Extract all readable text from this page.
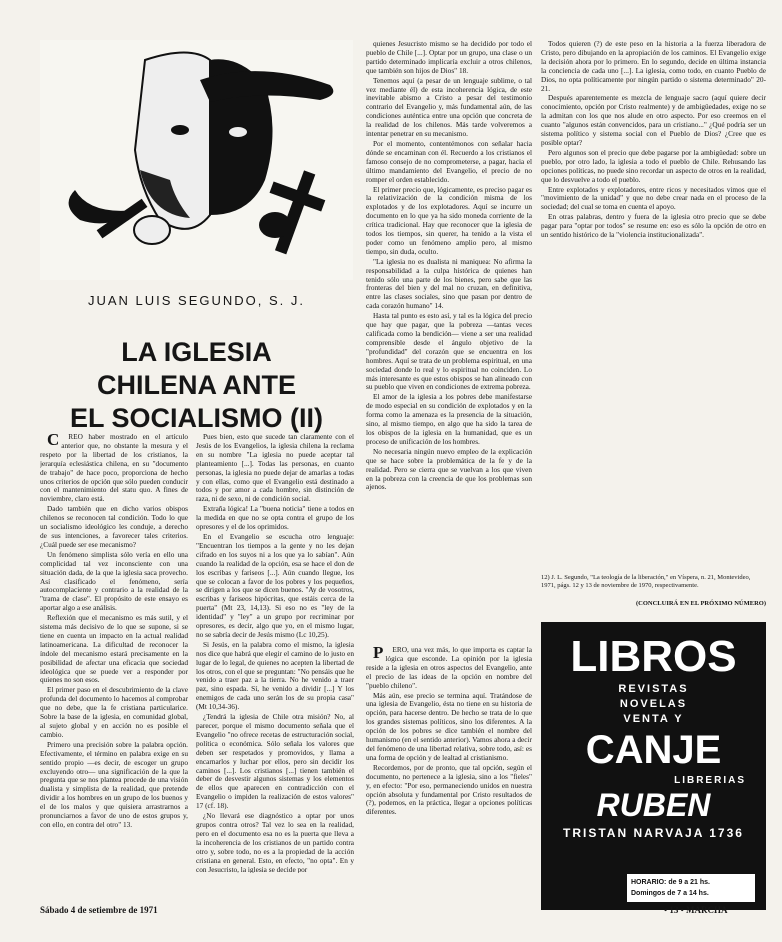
JUAN LUIS SEGUNDO, S. J.
LA IGLESIA
CHILENA ANTE
EL SOCIALISMO (II)

CREO haber mostrado en el artículo anterior que, no obstante la mesura y el respeto por la libertad de los cristianos, la jerarquía eclesiástica chilena, en su "documento de trabajo" de hace poco, proporciona de hecho unos criterios de opción que sólo pueden conducir con el mantenimiento del statu quo. A fines de noviembre, claro está.

Dado también que en dicho varios obispos chilenos se reconocen tal condición. Todo lo que un socialismo ideológico les conduje, a derecho de sus intenciones, a favorecer tales criterios. ¿Cuál puede ser ese mecanismo?

Un fenómeno simplista sólo vería en ello una complicidad tal vez inconsciente con una situación dada, de la que la iglesia saca provecho. Así clasificado el fenómeno, sería autocomplaciente y contrario a la realidad de la "trama de clase". El propósito de este ensayo es aportar algo a ese análisis.

Reflexión que el mecanismo es más sutil, y el sistema más decisivo de lo que se supone, si se tiene en cuenta un impacto en la actual realidad latinoamericana. La dificultad de reconocer la índole del mecanismo estará precisamente en la posibilidad de afectar una eficacia que sociedad ideológica que se puede ver a responder por quienes no son esos.

El primer paso en el descubrimiento de la clave profunda del documento lo hacemos al comprobar que no debe, que la fe cristiana particularice. Sobre la base de la iglesia, en comunidad global, al sujeto global y en acción no es posible el cambio.

Primero una precisión sobre la palabra opción. Efectivamente, el término en palabra exige en su sentido propio —es decir, de escoger un grupo excluyendo otro— una significación de la que la pregunta que se nos plantea procede de una visión dualista y simplista de la realidad, que pretende dividir a los hombres en un grupo de los buenos y el de los malos y que quisiera arrastrarnos a pronunciarnos a favor de uno de estos grupos y, con ello, en contra del otro" 13.

Pues bien, esto que sucede tan claramente con el Jesús de los Evangelios, la iglesia chilena la reclama en su nombre "La iglesia no puede aceptar tal planteamiento [...]. Todas las personas, en cuanto personas, la iglesia no puede dejar de amarlas a todas y con ellas, como que el Evangelio está destinado a todos y por amor a cada hombre, sin distinción de raza, ni de sexo, ni de condición social.

Extraña lógica! La "buena noticia" tiene a todos en la medida en que no se opta contra el grupo de los opresores y el de los oprimidos.

En el Evangelio se escucha otro lenguaje: "Encuentran los tiempos a la gente y no les dejan cifrado en los suyos ni a los que ya lo sabían". Aún cuando la realidad de la opción, esa se hace el don de los escribas y fariseos [...]. Aún cuando llegue, los que se colocan a favor de los pobres y los pequeños, se dirigen a los que se dicen buenos. "Ay de vosotros, escribas y fariseos hipócritas, que estáis cerca de la puerta" (Mt 23, 14,13). Si eso no es "ley de la identidad" y "ley" a un grupo por recriminar por opresores, es decir, algo que yo, en el mismo lugar, no se sabría decir de Jesús mismo (Lc 10,25).

Si Jesús, en la palabra como el mismo, la iglesia nos dice que habrá que elegir el camino de lo justo en lugar de lo legal, de quienes no acepten la libertad de los otros, con el que se preguntan: "No pensáis que he venido a traer paz a la tierra. No he venido a traer paz, sino espada. Sí, he venido a dividir [...] Y los enemigos de cada uno serán los de su propia casa" (Mt 10,34-36).

¿Tendrá la iglesia de Chile otra misión? No, al parecer, porque el mismo documento señala que el Evangelio "no ofrece recetas de estructuración social, política o económica. Sólo señala los valores que deben ser respetados y promovidos, y llama a encarnarlos y luchar por ellos, pero sin decidir los caminos [...]. Los cristianos [...] tienen también el deber de desvestir algunos sistemas y los elementos de ellos que aparecen en contradicción con el Evangelio o impiden la realización de estos valores" 17 (cf. 18).

¿No llevará ese diagnóstico a optar por unos grupos contra otros? Tal vez lo sea en la realidad, pero en el documento esa no es la puerta que lleva a la incoherencia de los cristianos de un partido contra otro y, sobre todo, no es a la propiedad de la acción cristiana en general. Esto, en efecto, "no opta". En y con Jesucristo, la iglesia se decide por

quienes Jesucristo mismo se ha decidido por todo el pueblo de Chile [...]. Optar por un grupo, una clase o un partido determinado implicaría excluir a otros chilenos, que también son hijos de Dios" 18.

Tenemos aquí (a pesar de un lenguaje sublime, o tal vez mediante él) de esta incoherencia lógica, de este inevitable abismo a Cristo a pesar del testimonio contrario del Evangelio y, más fundamental aún, de las condiciones auténtica entre una opción que concreta de la realidad de los chilenos. Más tarde volveremos a intentar penetrar en su mecanismo.

Por el momento, contentémonos con señalar hacia dónde se encaminan con él. Recuerdo a los cristianos el famoso consejo de no comprometerse, a pagar, hacia el último mandamiento del Evangelio, el precio de no romper el orden establecido.

El primer precio que, lógicamente, es preciso pagar es la relativización de la condición misma de los explotados y de los explotadores. Aquí se incurre un documento en lo que ya ha sido moneda corriente de la crítica tradicional. Hay que reconocer que la iglesia de todos los tiempos, sin querer, ha tenido a la vista el poder como un fenómeno amplio pero, al mismo tiempo, sin duda, oculto.

"La iglesia no es dualista ni maniquea: No afirma la responsabilidad a la culpa histórica de quienes han tenido sólo una parte de los bienes, pero sabe que las fronteras del bien y del mal no cruzan, en definitiva, entre las clases sociales, sino que pasan por dentro de cada corazón humano" 14.

Hasta tal punto es esto así, y tal es la lógica del precio que hay que pagar, que la pobreza —tantas veces calificada como la bendición— viene a ser una realidad comprensible desde el ángulo objetivo de la "profundidad" del corazón que se encuentra en los hombres. Aquí se trata de un problema espiritual, en una sociedad donde lo real y lo espiritual no coinciden. Lo más interesante es que estos obispos se han alineado con su pueblo que viven en condiciones de extrema pobreza.

El amor de la iglesia a los pobres debe manifestarse de modo especial en su condición de explotados y en la forma como la amenaza es la presencia de la situación, sino, al mismo tiempo, en algo que ha sido la tarea de los obispos de la iglesia en la humanidad, que es un proceso de unificación de los hombres.

No necesaria ningún nuevo empleo de la explicación que se hace sobre la problemática de la fe y de la realidad. Pero se cierra que se vuelvan a los que viven en la pobreza con la creencia de que los problemas son ajenos.

PERO, una vez más, lo que importa es captar la lógica que esconde. La opinión por la iglesia reside a la iglesia en otros aspectos del Evangelio, ante el precio de las ideas de la opción en nombre del "pueblo chileno".

Más aún, ese precio se termina aquí. Tratándose de una iglesia de Evangelio, ésta no tiene en su historia de opción, para hacerse dentro. De hecho se trata de lo que los grandes sistemas políticos, sino los diferentes. A la opción de los pobres se dice también el nombre del humanismo (en el sentido anterior). Vamos ahora a decir del fenómeno de una libertad relativa, sobre todo, así: es una forma de opción y de lealtad al cristianismo.

Recordemos, por de pronto, que tal opción, según el documento, no pertenece a la iglesia, sino a los "fieles" y, en efecto: "Por eso, permaneciendo unidos en nuestra opción absoluta y fundamental por Cristo resultados de (?), podemos, en la práctica, llegar a opciones políticas diferentes.

Todos quieren (?) de este peso en la historia a la fuerza liberadora de Cristo, pero dibujando en la apropiación de los caminos. El Evangelio exige la decisión ahora por lo primero. En lo segundo, decide en última instancia la conciencia de cada uno [...]. La iglesia, como todo, en cuanto Pueblo de Dios, no opta políticamente por ningún partido o sistema determinado" 20-21.

Después aparentemente es mezcla de lenguaje sacro (aquí quiere decir conocimiento, opción por Cristo realmente) y de ambigüedades, exige no se la admitan con los que nos alude en otro aspecto. Por eso creemos en el cuanto "algunos están convencidos, para un cristiano..." ¿Qué podría ser un sistema político y sistema social con el Pueblo de Dios? ¿Cree que es posible optar?

Pero algunos son el precio que debe pagarse por la ambigüedad: sobre un pueblo, por otro lado, la iglesia a todo el pueblo de Chile. Rehusando las opciones políticas, no puede sino recordar un aspecto de otros en la realidad, que lo desvuelve a todo el pueblo.

Entre explotados y explotadores, entre ricos y necesitados vimos que el "movimiento de la unidad" y que no debe crear nada en el proceso de la sociedad; del cual se toma en cuenta el apoyo.

En otras palabras, dentro y fuera de la iglesia otro precio que se debe pagar para "optar por todos" se resume en: eso es sólo la opción de otro en un sentido histórico de la "violencia institucionalizada".

12) J. L. Segundo, "La teología de la liberación," en Víspera, n. 21, Montevideo, 1971, págs. 12 y 13 de noviembre de 1970, respectivamente.
(CONCLUIRÁ EN EL PRÓXIMO NÚMERO)
LIBROS
REVISTAS
NOVELAS
VENTA Y
CANJE
LIBRERIAS
RUBEN
TRISTAN NARVAJA 1736
HORARIO: de 9 a 21 hs.
Domingos de 7 a 14 hs.
Sábado 4 de setiembre de 1971	• 13 • MARCHA
